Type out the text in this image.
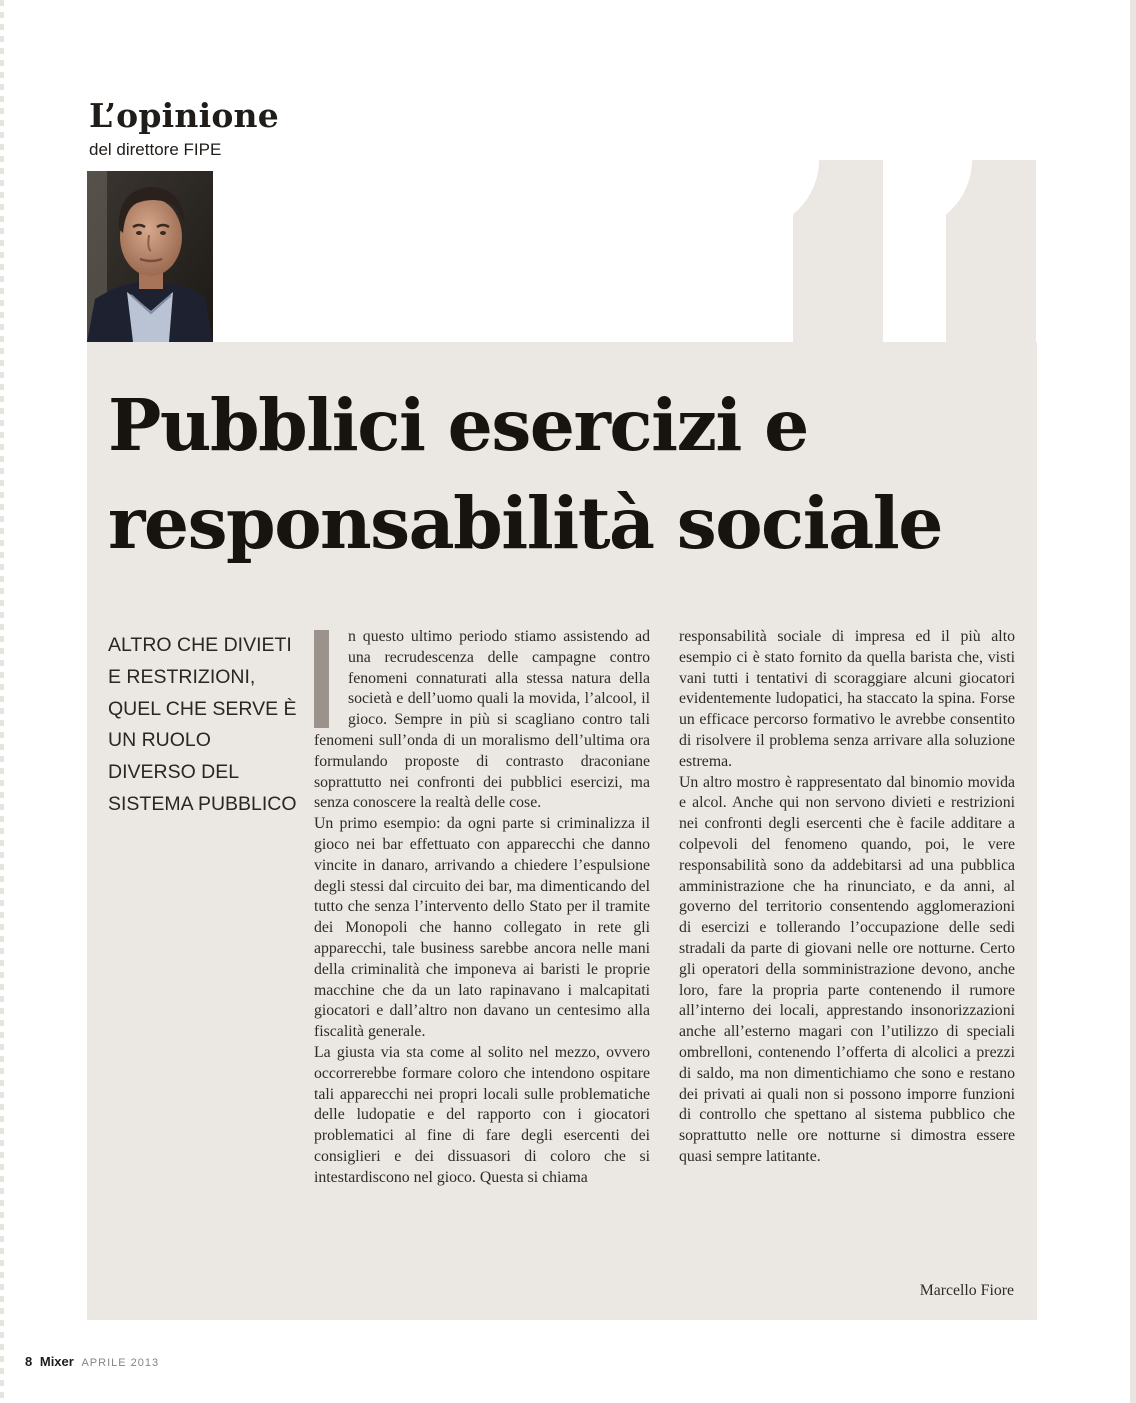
L’opinione
del direttore FIPE
Pubblici esercizi e responsabilità sociale
ALTRO CHE DIVIETI E RESTRIZIONI, QUEL CHE SERVE È UN RUOLO DIVERSO DEL SISTEMA PUBBLICO

n questo ultimo periodo stiamo assistendo ad una recrudescenza delle campagne contro fenomeni connaturati alla stessa natura della società e dell’uomo quali la movida, l’alcool, il gioco. Sempre in più si scagliano contro tali fenomeni sull’onda di un moralismo dell’ultima ora formulando proposte di contrasto draconiane soprattutto nei confronti dei pubblici esercizi, ma senza conoscere la realtà delle cose.

Un primo esempio: da ogni parte si criminalizza il gioco nei bar effettuato con apparecchi che danno vincite in danaro, arrivando a chiedere l’espulsione degli stessi dal circuito dei bar, ma dimenticando del tutto che senza l’intervento dello Stato per il tramite dei Monopoli che hanno collegato in rete gli apparecchi, tale business sarebbe ancora nelle mani della criminalità che imponeva ai baristi le proprie macchine che da un lato rapinavano i malcapitati giocatori e dall’altro non davano un centesimo alla fiscalità generale.

La giusta via sta come al solito nel mezzo, ovvero occorrerebbe formare coloro che intendono ospitare tali apparecchi nei propri locali sulle problematiche delle ludopatie e del rapporto con i giocatori problematici al fine di fare degli esercenti dei consiglieri e dei dissuasori di coloro che si intestardiscono nel gioco. Questa si chiama

responsabilità sociale di impresa ed il più alto esempio ci è stato fornito da quella barista che, visti vani tutti i tentativi di scoraggiare alcuni giocatori evidentemente ludopatici, ha staccato la spina. Forse un efficace percorso formativo le avrebbe consentito di risolvere il problema senza arrivare alla soluzione estrema.

Un altro mostro è rappresentato dal binomio movida e alcol. Anche qui non servono divieti e restrizioni nei confronti degli esercenti che è facile additare a colpevoli del fenomeno quando, poi, le vere responsabilità sono da addebitarsi ad una pubblica amministrazione che ha rinunciato, e da anni, al governo del territorio consentendo agglomerazioni di esercizi e tollerando l’occupazione delle sedi stradali da parte di giovani nelle ore notturne. Certo gli operatori della somministrazione devono, anche loro, fare la propria parte contenendo il rumore all’interno dei locali, apprestando insonorizzazioni anche all’esterno magari con l’utilizzo di speciali ombrelloni, contenendo l’offerta di alcolici a prezzi di saldo, ma non dimentichiamo che sono e restano dei privati ai quali non si possono imporre funzioni di controllo che spettano al sistema pubblico che soprattutto nelle ore notturne si dimostra essere quasi sempre latitante.

Marcello Fiore
8 Mixer APRILE 2013
